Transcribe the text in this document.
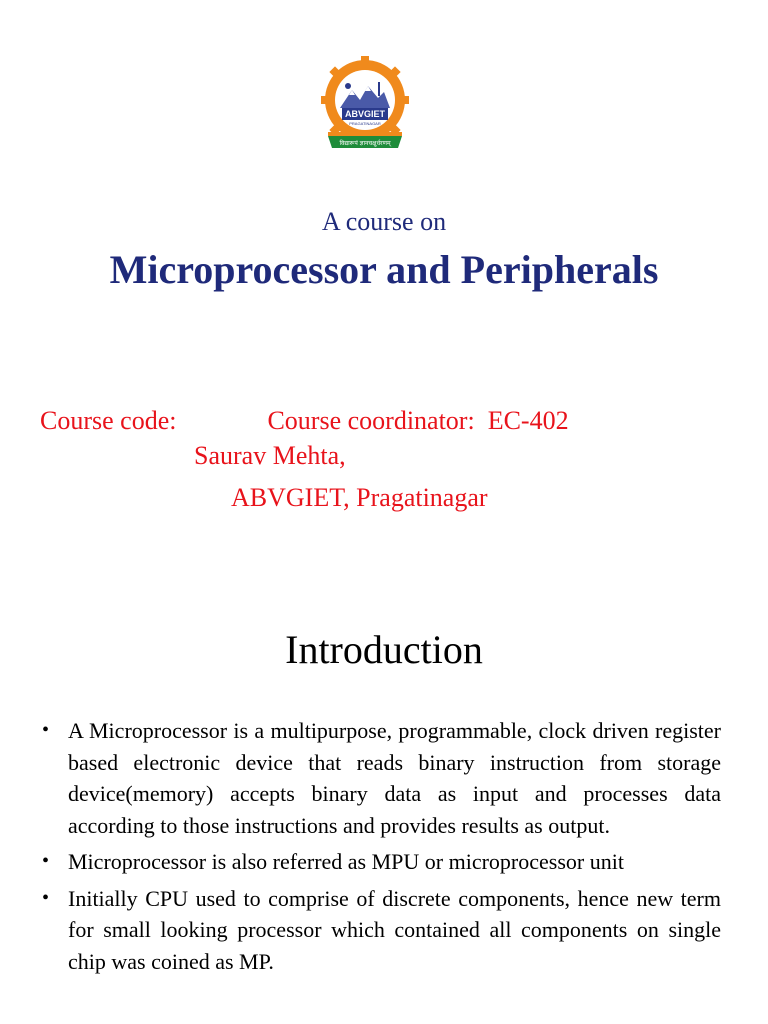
ABVGIET
PRAGATINAGAR
विद्यारूपं ज्ञानचक्षुर्धरणम्
A course on
Microprocessor and Peripherals
Course code:              Course coordinator:  EC-402
Saurav Mehta,
ABVGIET, Pragatinagar
Introduction
• A Microprocessor is a multipurpose, programmable, clock driven register based electronic device that reads binary instruction from storage device(memory) accepts binary data as input and processes data according to those instructions and provides results as output.
• Microprocessor is also referred as MPU or microprocessor unit
• Initially CPU used to comprise of discrete components, hence new term for small looking processor which contained all components on single chip was coined as MP.
